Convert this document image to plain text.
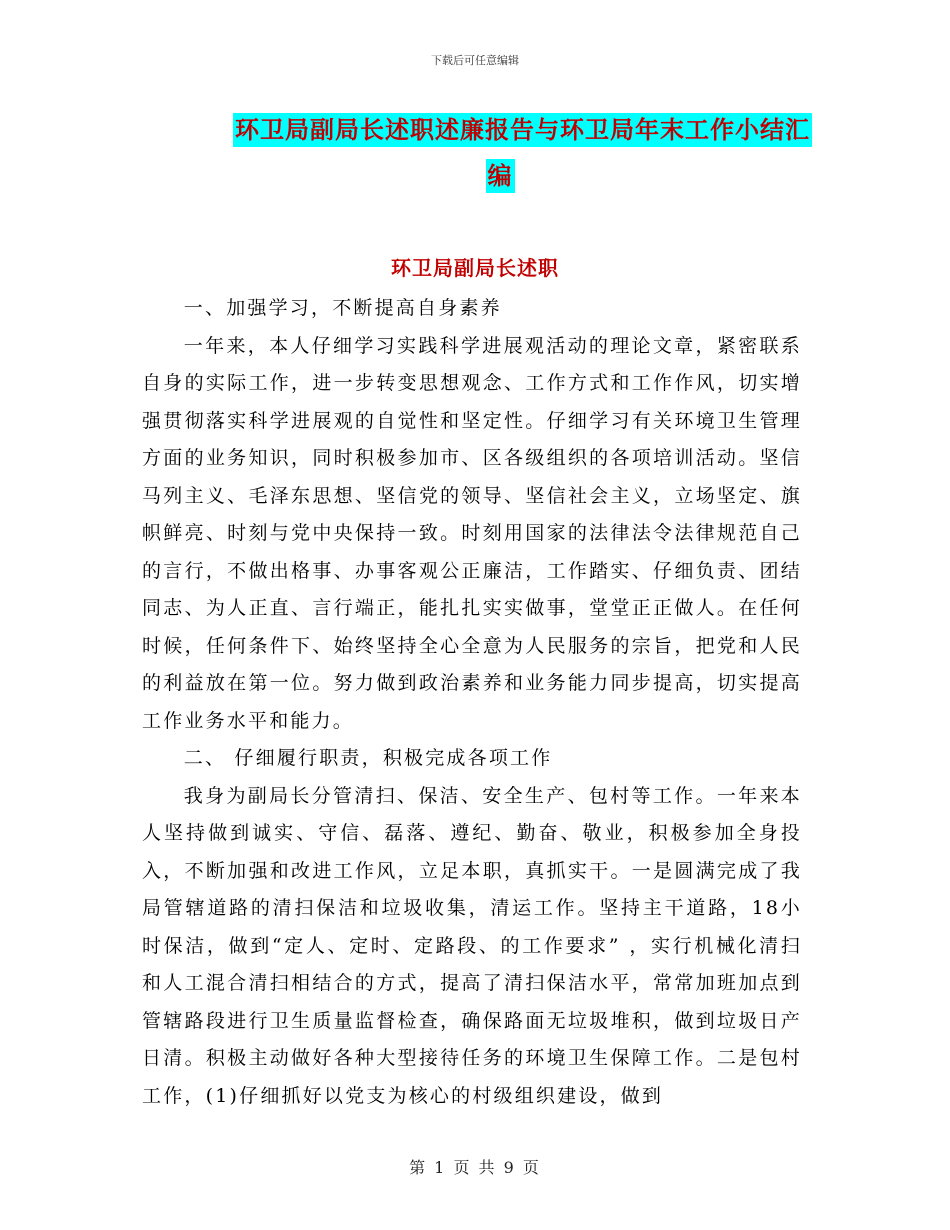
下载后可任意编辑
环卫局副局长述职述廉报告与环卫局年末工作小结汇
编
环卫局副局长述职

一、加强学习，不断提高自身素养

一年来，本人仔细学习实践科学进展观活动的理论文章，紧密联系自身的实际工作，进一步转变思想观念、工作方式和工作作风，切实增强贯彻落实科学进展观的自觉性和坚定性。仔细学习有关环境卫生管理方面的业务知识，同时积极参加市、区各级组织的各项培训活动。坚信马列主义、毛泽东思想、坚信党的领导、坚信社会主义，立场坚定、旗帜鲜亮、时刻与党中央保持一致。时刻用国家的法律法令法律规范自己的言行，不做出格事、办事客观公正廉洁，工作踏实、仔细负责、团结同志、为人正直、言行端正，能扎扎实实做事，堂堂正正做人。在任何时候，任何条件下、始终坚持全心全意为人民服务的宗旨，把党和人民的利益放在第一位。努力做到政治素养和业务能力同步提高，切实提高工作业务水平和能力。

二、 仔细履行职责，积极完成各项工作

我身为副局长分管清扫、保洁、安全生产、包村等工作。一年来本人坚持做到诚实、守信、磊落、遵纪、勤奋、敬业，积极参加全身投入，不断加强和改进工作风，立足本职，真抓实干。一是圆满完成了我局管辖道路的清扫保洁和垃圾收集，清运工作。坚持主干道路，18小时保洁，做到“定人、定时、定路段、的工作要求” ，实行机械化清扫和人工混合清扫相结合的方式，提高了清扫保洁水平，常常加班加点到管辖路段进行卫生质量监督检查，确保路面无垃圾堆积，做到垃圾日产日清。积极主动做好各种大型接待任务的环境卫生保障工作。二是包村工作，(1)仔细抓好以党支为核心的村级组织建设，做到

第 1 页 共 9 页
